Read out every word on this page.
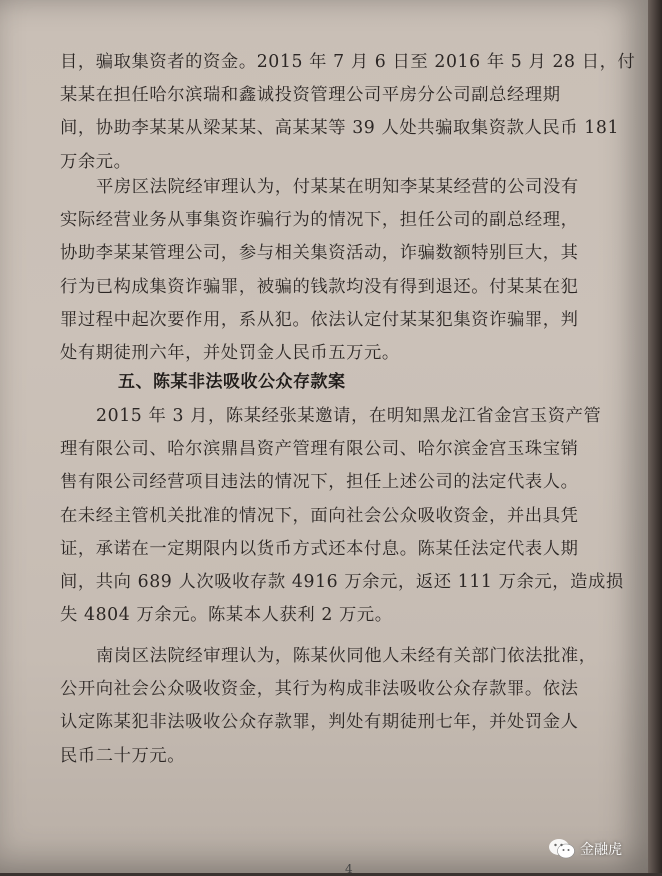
目，骗取集资者的资金。2015 年 7 月 6 日至 2016 年 5 月 28 日，付
某某在担任哈尔滨瑞和鑫诚投资管理公司平房分公司副总经理期
间，协助李某某从梁某某、高某某等 39 人处共骗取集资款人民币 181
万余元。

平房区法院经审理认为，付某某在明知李某某经营的公司没有
实际经营业务从事集资诈骗行为的情况下，担任公司的副总经理，
协助李某某管理公司，参与相关集资活动，诈骗数额特别巨大，其
行为已构成集资诈骗罪，被骗的钱款均没有得到退还。付某某在犯
罪过程中起次要作用，系从犯。依法认定付某某犯集资诈骗罪，判
处有期徒刑六年，并处罚金人民币五万元。

五、陈某非法吸收公众存款案

2015 年 3 月，陈某经张某邀请，在明知黑龙江省金宫玉资产管
理有限公司、哈尔滨鼎昌资产管理有限公司、哈尔滨金宫玉珠宝销
售有限公司经营项目违法的情况下，担任上述公司的法定代表人。
在未经主管机关批准的情况下，面向社会公众吸收资金，并出具凭
证，承诺在一定期限内以货币方式还本付息。陈某任法定代表人期
间，共向 689 人次吸收存款 4916 万余元，返还 111 万余元，造成损
失 4804 万余元。陈某本人获利 2 万元。

南岗区法院经审理认为，陈某伙同他人未经有关部门依法批准，
公开向社会公众吸收资金，其行为构成非法吸收公众存款罪。依法
认定陈某犯非法吸收公众存款罪，判处有期徒刑七年，并处罚金人
民币二十万元。

4
金融虎
